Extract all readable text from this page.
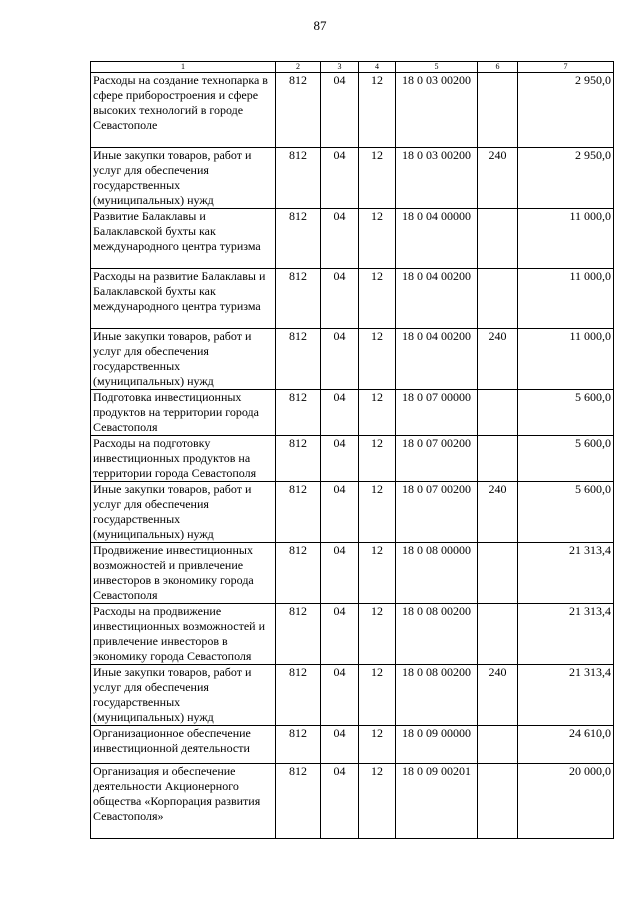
87
1	2	3	4	5	6	7
Расходы на создание технопарка в сфере приборостроения и сфере высоких технологий в городе Севастополе	812	04	12	18 0 03 00200		2 950,0
Иные закупки товаров, работ и услуг для обеспечения государственных (муниципальных) нужд	812	04	12	18 0 03 00200	240	2 950,0
Развитие Балаклавы и Балаклавской бухты как международного центра туризма	812	04	12	18 0 04 00000		11 000,0
Расходы на развитие Балаклавы и Балаклавской бухты как международного центра туризма	812	04	12	18 0 04 00200		11 000,0
Иные закупки товаров, работ и услуг для обеспечения государственных (муниципальных) нужд	812	04	12	18 0 04 00200	240	11 000,0
Подготовка инвестиционных продуктов на территории города Севастополя	812	04	12	18 0 07 00000		5 600,0
Расходы на подготовку инвестиционных продуктов на территории города Севастополя	812	04	12	18 0 07 00200		5 600,0
Иные закупки товаров, работ и услуг для обеспечения государственных (муниципальных) нужд	812	04	12	18 0 07 00200	240	5 600,0
Продвижение инвестиционных возможностей и привлечение инвесторов в экономику города Севастополя	812	04	12	18 0 08 00000		21 313,4
Расходы на продвижение инвестиционных возможностей и привлечение инвесторов в экономику города Севастополя	812	04	12	18 0 08 00200		21 313,4
Иные закупки товаров, работ и услуг для обеспечения государственных (муниципальных) нужд	812	04	12	18 0 08 00200	240	21 313,4
Организационное обеспечение инвестиционной деятельности	812	04	12	18 0 09 00000		24 610,0
Организация и обеспечение деятельности Акционерного общества «Корпорация развития Севастополя»	812	04	12	18 0 09 00201		20 000,0
